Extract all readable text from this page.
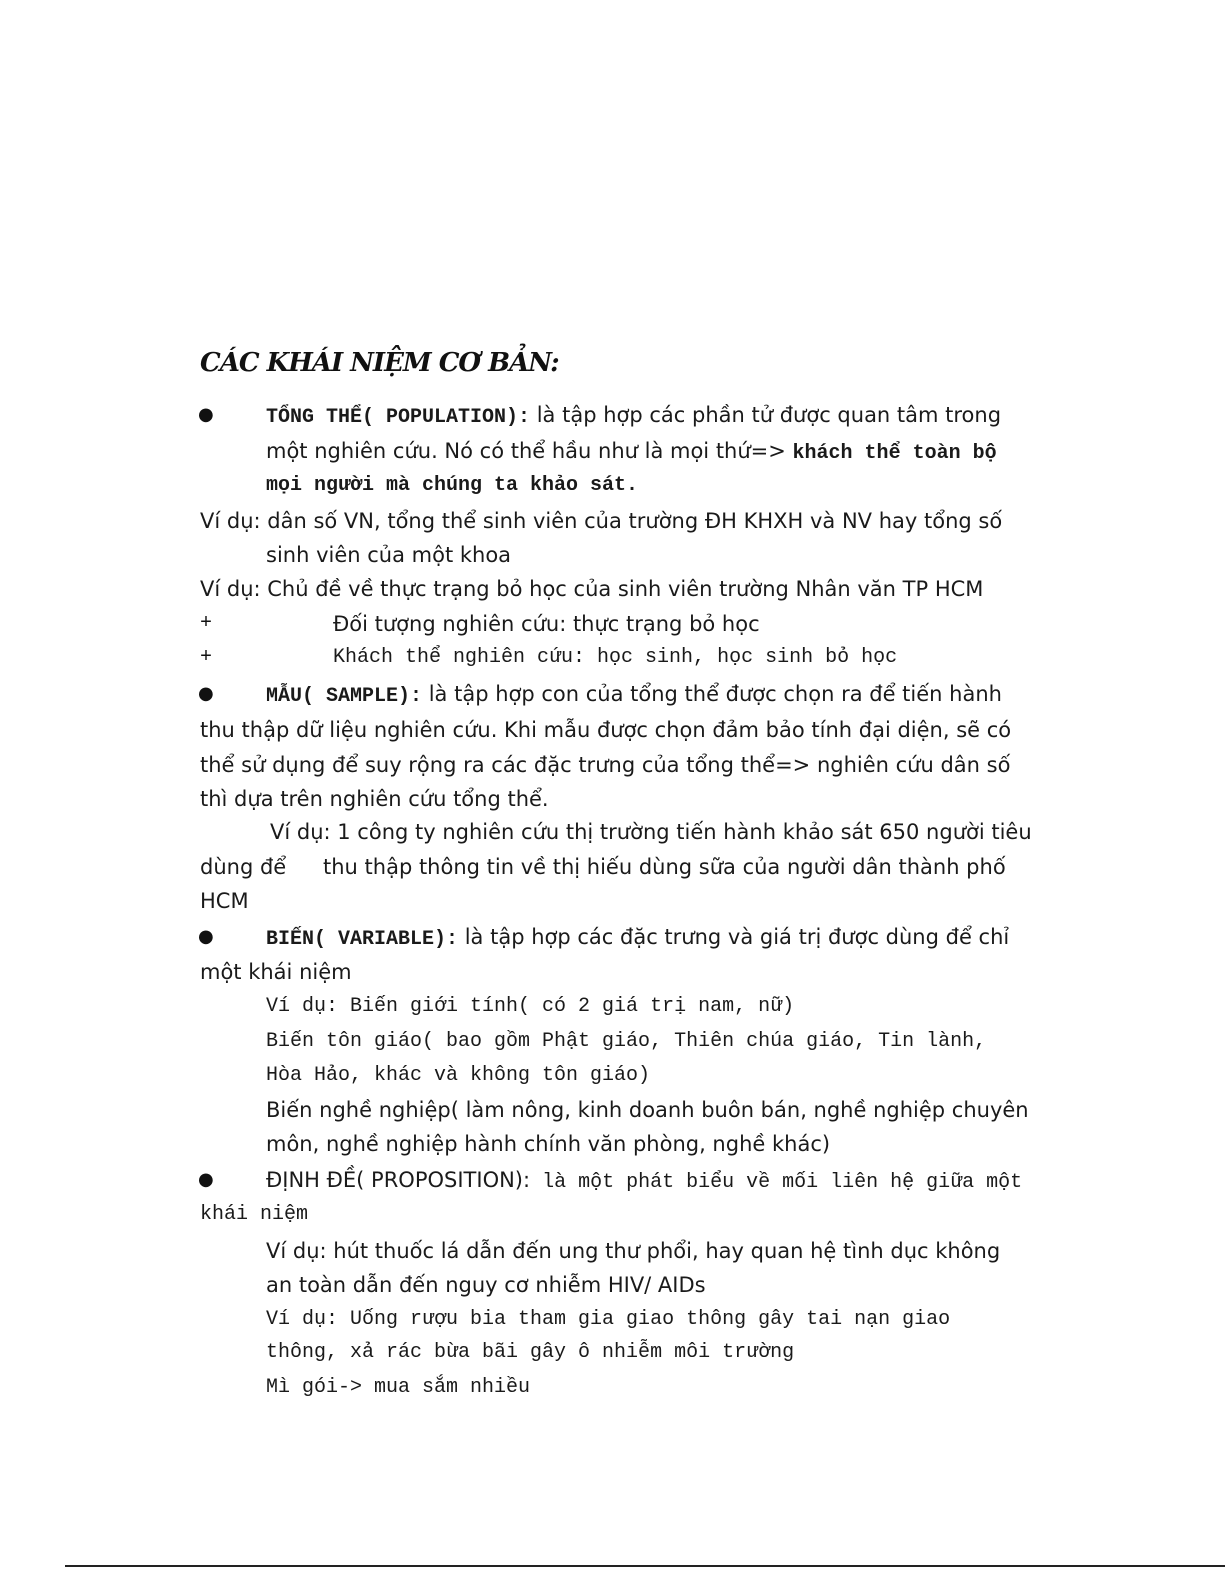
CÁC KHÁI NIỆM CƠ BẢN:
●	TỔNG THỂ( POPULATION): là tập hợp các phần tử được quan tâm trong
một nghiên cứu. Nó có thể hầu như là mọi thứ=> khách thể toàn bộ
mọi người mà chúng ta khảo sát.
Ví dụ: dân số VN, tổng thể sinh viên của trường ĐH KHXH và NV hay tổng số
sinh viên của một khoa
Ví dụ: Chủ đề về thực trạng bỏ học của sinh viên trường Nhân văn TP HCM
+	Đối tượng nghiên cứu: thực trạng bỏ học
+	Khách thể nghiên cứu: học sinh, học sinh bỏ học
●	MẪU( SAMPLE): là tập hợp con của tổng thể được chọn ra để tiến hành
thu thập dữ liệu nghiên cứu. Khi mẫu được chọn đảm bảo tính đại diện, sẽ có
thể sử dụng để suy rộng ra các đặc trưng của tổng thể=> nghiên cứu dân số
thì dựa trên nghiên cứu tổng thể.
Ví dụ: 1 công ty nghiên cứu thị trường tiến hành khảo sát 650 người tiêu
dùng để thu thập thông tin về thị hiếu dùng sữa của người dân thành phố
HCM
●	BIẾN( VARIABLE): là tập hợp các đặc trưng và giá trị được dùng để chỉ
một khái niệm
Ví dụ: Biến giới tính( có 2 giá trị nam, nữ)
Biến tôn giáo( bao gồm Phật giáo, Thiên chúa giáo, Tin lành,
Hòa Hảo, khác và không tôn giáo)
Biến nghề nghiệp( làm nông, kinh doanh buôn bán, nghề nghiệp chuyên
môn, nghề nghiệp hành chính văn phòng, nghề khác)
● ĐỊNH ĐỀ( PROPOSITION): là một phát biểu về mối liên hệ giữa một
khái niệm
Ví dụ: hút thuốc lá dẫn đến ung thư phổi, hay quan hệ tình dục không
an toàn dẫn đến nguy cơ nhiễm HIV/ AIDs
Ví dụ: Uống rượu bia tham gia giao thông gây tai nạn giao
thông, xả rác bừa bãi gây ô nhiễm môi trường
Mì gói-> mua sắm nhiều
